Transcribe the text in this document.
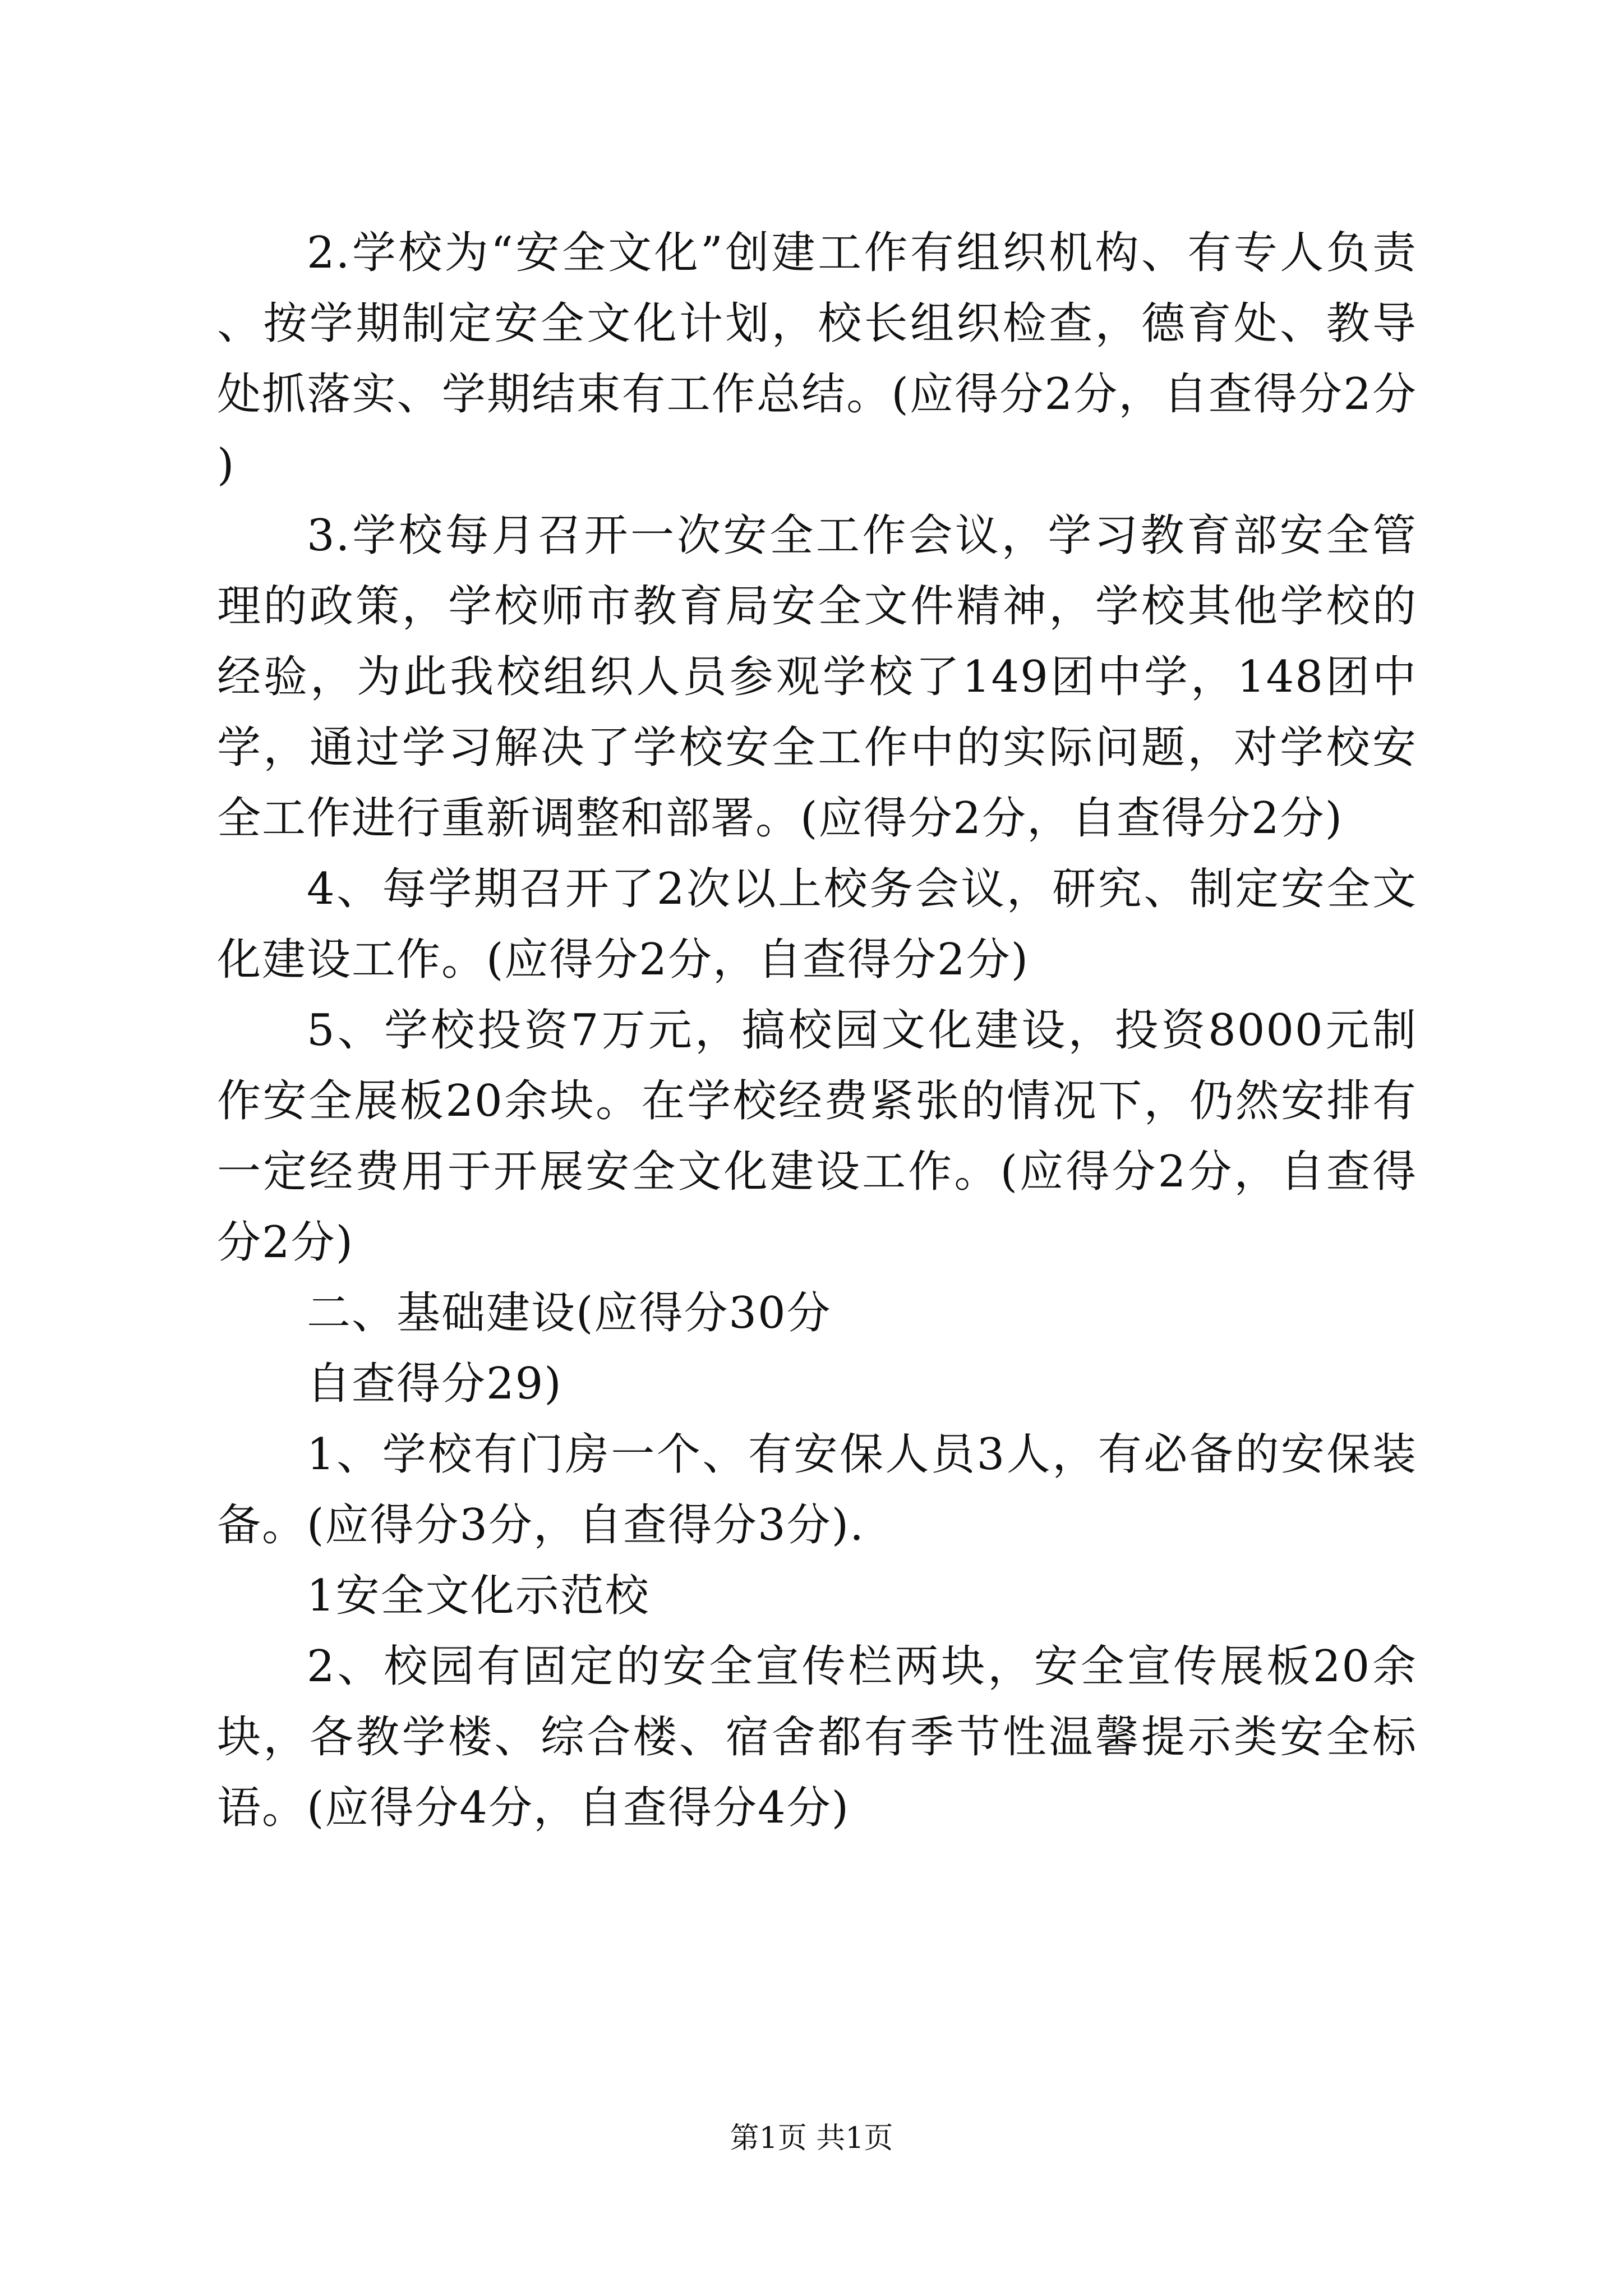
2.学校为“安全文化”创建工作有组织机构、有专人负责、按学期制定安全文化计划，校长组织检查，德育处、教导处抓落实、学期结束有工作总结。(应得分2分，自查得分2分)

3.学校每月召开一次安全工作会议，学习教育部安全管理的政策，学校师市教育局安全文件精神，学校其他学校的经验，为此我校组织人员参观学校了149团中学，148团中学，通过学习解决了学校安全工作中的实际问题，对学校安全工作进行重新调整和部署。(应得分2分，自查得分2分)

4、每学期召开了2次以上校务会议，研究、制定安全文化建设工作。(应得分2分，自查得分2分)

5、学校投资7万元，搞校园文化建设，投资8000元制作安全展板20余块。在学校经费紧张的情况下，仍然安排有一定经费用于开展安全文化建设工作。(应得分2分，自查得分2分)

二、基础建设(应得分30分

自查得分29)

1、学校有门房一个、有安保人员3人，有必备的安保装备。(应得分3分，自查得分3分).

1安全文化示范校

2、校园有固定的安全宣传栏两块，安全宣传展板20余块，各教学楼、综合楼、宿舍都有季节性温馨提示类安全标语。(应得分4分，自查得分4分)

第1页 共1页
